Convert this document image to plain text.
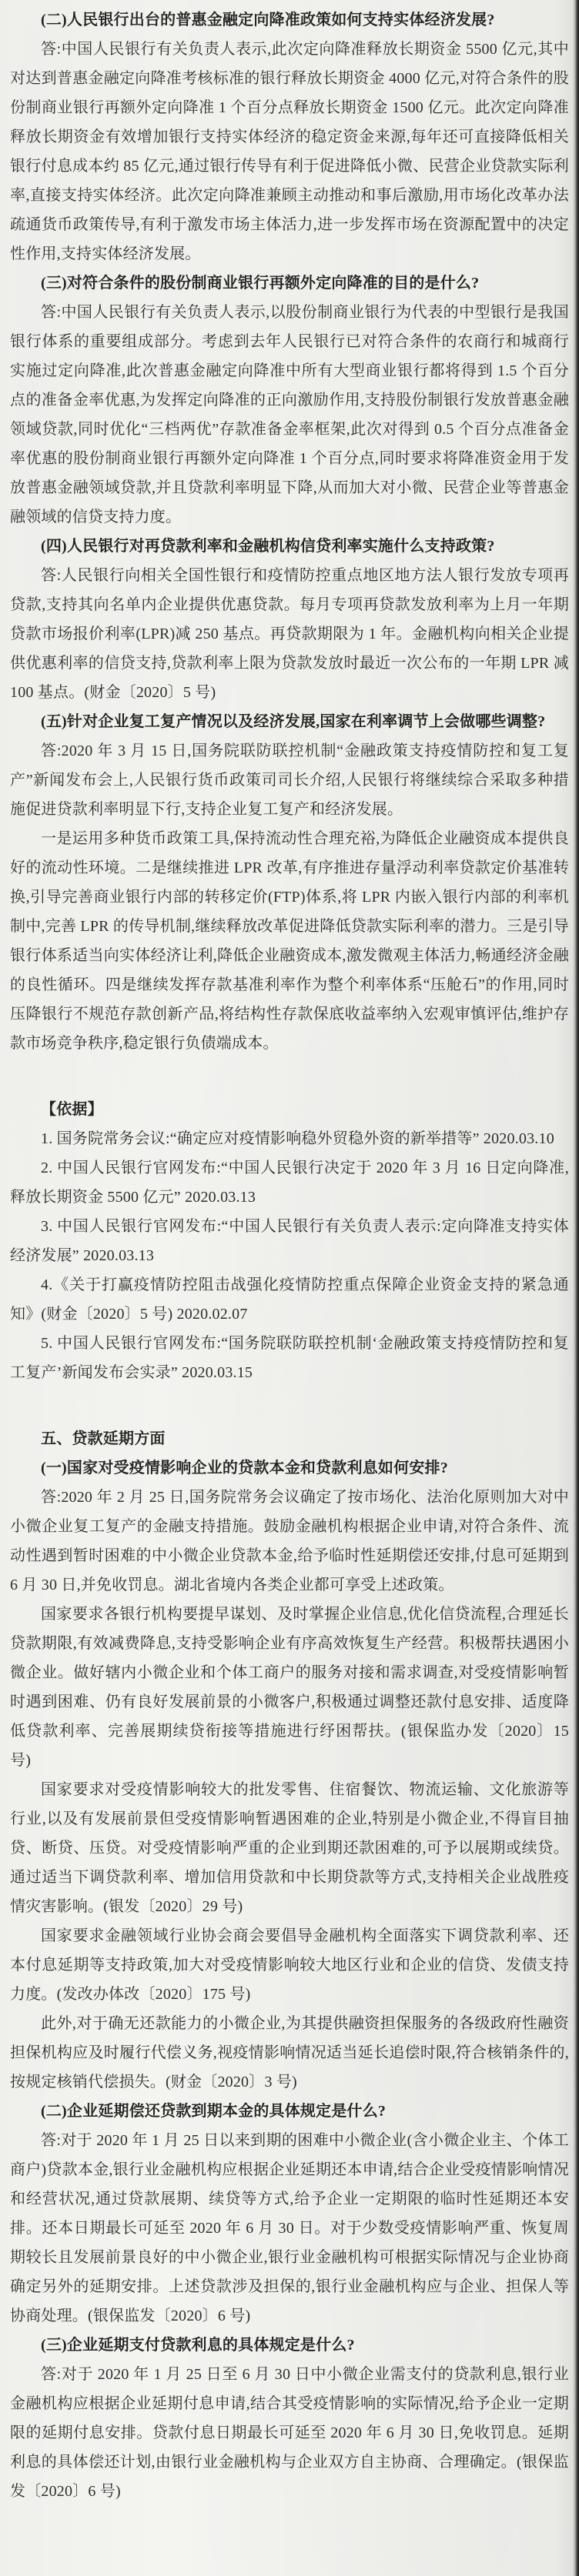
(二)人民银行出台的普惠金融定向降准政策如何支持实体经济发展?

答:中国人民银行有关负责人表示,此次定向降准释放长期资金 5500 亿元,其中对达到普惠金融定向降准考核标准的银行释放长期资金 4000 亿元,对符合条件的股份制商业银行再额外定向降准 1 个百分点释放长期资金 1500 亿元。此次定向降准释放长期资金有效增加银行支持实体经济的稳定资金来源,每年还可直接降低相关银行付息成本约 85 亿元,通过银行传导有利于促进降低小微、民营企业贷款实际利率,直接支持实体经济。此次定向降准兼顾主动推动和事后激励,用市场化改革办法疏通货币政策传导,有利于激发市场主体活力,进一步发挥市场在资源配置中的决定性作用,支持实体经济发展。

(三)对符合条件的股份制商业银行再额外定向降准的目的是什么?

答:中国人民银行有关负责人表示,以股份制商业银行为代表的中型银行是我国银行体系的重要组成部分。考虑到去年人民银行已对符合条件的农商行和城商行实施过定向降准,此次普惠金融定向降准中所有大型商业银行都将得到 1.5 个百分点的准备金率优惠,为发挥定向降准的正向激励作用,支持股份制银行发放普惠金融领域贷款,同时优化“三档两优”存款准备金率框架,此次对得到 0.5 个百分点准备金率优惠的股份制商业银行再额外定向降准 1 个百分点,同时要求将降准资金用于发放普惠金融领域贷款,并且贷款利率明显下降,从而加大对小微、民营企业等普惠金融领域的信贷支持力度。

(四)人民银行对再贷款利率和金融机构信贷利率实施什么支持政策?

答:人民银行向相关全国性银行和疫情防控重点地区地方法人银行发放专项再贷款,支持其向名单内企业提供优惠贷款。每月专项再贷款发放利率为上月一年期贷款市场报价利率(LPR)减 250 基点。再贷款期限为 1 年。金融机构向相关企业提供优惠利率的信贷支持,贷款利率上限为贷款发放时最近一次公布的一年期 LPR 减 100 基点。(财金〔2020〕5 号)

(五)针对企业复工复产情况以及经济发展,国家在利率调节上会做哪些调整?

答:2020 年 3 月 15 日,国务院联防联控机制“金融政策支持疫情防控和复工复产”新闻发布会上,人民银行货币政策司司长介绍,人民银行将继续综合采取多种措施促进贷款利率明显下行,支持企业复工复产和经济发展。

一是运用多种货币政策工具,保持流动性合理充裕,为降低企业融资成本提供良好的流动性环境。二是继续推进 LPR 改革,有序推进存量浮动利率贷款定价基准转换,引导完善商业银行内部的转移定价(FTP)体系,将 LPR 内嵌入银行内部的利率机制中,完善 LPR 的传导机制,继续释放改革促进降低贷款实际利率的潜力。三是引导银行体系适当向实体经济让利,降低企业融资成本,激发微观主体活力,畅通经济金融的良性循环。四是继续发挥存款基准利率作为整个利率体系“压舱石”的作用,同时压降银行不规范存款创新产品,将结构性存款保底收益率纳入宏观审慎评估,维护存款市场竞争秩序,稳定银行负债端成本。

【依据】

1. 国务院常务会议:“确定应对疫情影响稳外贸稳外资的新举措等” 2020.03.10

2. 中国人民银行官网发布:“中国人民银行决定于 2020 年 3 月 16 日定向降准,释放长期资金 5500 亿元” 2020.03.13

3. 中国人民银行官网发布:“中国人民银行有关负责人表示:定向降准支持实体经济发展” 2020.03.13

4.《关于打赢疫情防控阻击战强化疫情防控重点保障企业资金支持的紧急通知》(财金〔2020〕5 号) 2020.02.07

5. 中国人民银行官网发布:“国务院联防联控机制‘金融政策支持疫情防控和复工复产’新闻发布会实录” 2020.03.15

五、贷款延期方面
(一)国家对受疫情影响企业的贷款本金和贷款利息如何安排?

答:2020 年 2 月 25 日,国务院常务会议确定了按市场化、法治化原则加大对中小微企业复工复产的金融支持措施。鼓励金融机构根据企业申请,对符合条件、流动性遇到暂时困难的中小微企业贷款本金,给予临时性延期偿还安排,付息可延期到 6 月 30 日,并免收罚息。湖北省境内各类企业都可享受上述政策。

国家要求各银行机构要提早谋划、及时掌握企业信息,优化信贷流程,合理延长贷款期限,有效减费降息,支持受影响企业有序高效恢复生产经营。积极帮扶遇困小微企业。做好辖内小微企业和个体工商户的服务对接和需求调查,对受疫情影响暂时遇到困难、仍有良好发展前景的小微客户,积极通过调整还款付息安排、适度降低贷款利率、完善展期续贷衔接等措施进行纾困帮扶。(银保监办发〔2020〕15 号)

国家要求对受疫情影响较大的批发零售、住宿餐饮、物流运输、文化旅游等行业,以及有发展前景但受疫情影响暂遇困难的企业,特别是小微企业,不得盲目抽贷、断贷、压贷。对受疫情影响严重的企业到期还款困难的,可予以展期或续贷。通过适当下调贷款利率、增加信用贷款和中长期贷款等方式,支持相关企业战胜疫情灾害影响。(银发〔2020〕29 号)

国家要求金融领域行业协会商会要倡导金融机构全面落实下调贷款利率、还本付息延期等支持政策,加大对受疫情影响较大地区行业和企业的信贷、发债支持力度。(发改办体改〔2020〕175 号)

此外,对于确无还款能力的小微企业,为其提供融资担保服务的各级政府性融资担保机构应及时履行代偿义务,视疫情影响情况适当延长追偿时限,符合核销条件的,按规定核销代偿损失。(财金〔2020〕3 号)

(二)企业延期偿还贷款到期本金的具体规定是什么?

答:对于 2020 年 1 月 25 日以来到期的困难中小微企业(含小微企业主、个体工商户)贷款本金,银行业金融机构应根据企业延期还本申请,结合企业受疫情影响情况和经营状况,通过贷款展期、续贷等方式,给予企业一定期限的临时性延期还本安排。还本日期最长可延至 2020 年 6 月 30 日。对于少数受疫情影响严重、恢复周期较长且发展前景良好的中小微企业,银行业金融机构可根据实际情况与企业协商确定另外的延期安排。上述贷款涉及担保的,银行业金融机构应与企业、担保人等协商处理。(银保监发〔2020〕6 号)

(三)企业延期支付贷款利息的具体规定是什么?

答:对于 2020 年 1 月 25 日至 6 月 30 日中小微企业需支付的贷款利息,银行业金融机构应根据企业延期付息申请,结合其受疫情影响的实际情况,给予企业一定期限的延期付息安排。贷款付息日期最长可延至 2020 年 6 月 30 日,免收罚息。延期利息的具体偿还计划,由银行业金融机构与企业双方自主协商、合理确定。(银保监发〔2020〕6 号)
